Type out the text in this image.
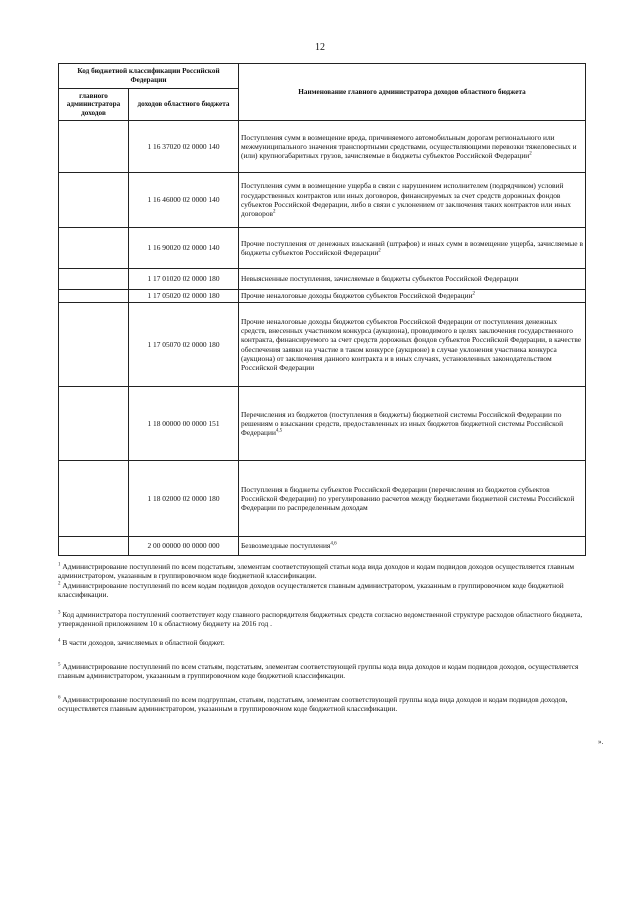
12
Код бюджетной классификации Российской Федерации		Наименование главного администратора доходов областного бюджета
главного администратора доходов	доходов областного бюджета	
	1 16 37020 02 0000 140	Поступления сумм в возмещение вреда, причиняемого автомобильным дорогам регионального или межмуниципального значения транспортными средствами, осуществляющими перевозки тяжеловесных и (или) крупногабаритных грузов, зачисляемые в бюджеты субъектов Российской Федерации$^2$
	1 16 46000 02 0000 140	Поступления сумм в возмещение ущерба в связи с нарушением исполнителем (подрядчиком) условий государственных контрактов или иных договоров, финансируемых за счет средств дорожных фондов субъектов Российской Федерации, либо в связи с уклонением от заключения таких контрактов или иных договоров$^2$
	1 16 90020 02 0000 140	Прочие поступления от денежных взысканий (штрафов) и иных сумм в возмещение ущерба, зачисляемые в бюджеты субъектов Российской Федерации$^2$
	1 17 01020 02 0000 180	Невыясненные поступления, зачисляемые в бюджеты субъектов Российской Федерации
	1 17 05020 02 0000 180	Прочие неналоговые доходы бюджетов субъектов Российской Федерации$^2$
	1 17 05070 02 0000 180	Прочие неналоговые доходы бюджетов субъектов Российской Федерации от поступления денежных средств, внесенных участником конкурса (аукциона), проводимого в целях заключения государственного контракта, финансируемого за счет средств дорожных фондов субъектов Российской Федерации, в качестве обеспечения заявки на участие в таком конкурсе (аукционе) в случае уклонения участника конкурса (аукциона) от заключения данного контракта и в иных случаях, установленных законодательством Российской Федерации
	1 18 00000 00 0000 151	Перечисления из бюджетов (поступления в бюджеты) бюджетной системы Российской Федерации по решениям о взыскании средств, предоставленных из иных бюджетов бюджетной системы Российской Федерации$^{4,5}$
	1 18 02000 02 0000 180	Поступления в бюджеты субъектов Российской Федерации (перечисления из бюджетов субъектов Российской Федерации) по урегулированию расчетов между бюджетами бюджетной системы Российской Федерации по распределенным доходам
	2 00 00000 00 0000 000	Безвозмездные поступления$^{4,6}$

$^1$ Администрирование поступлений по всем подстатьям, элементам соответствующей статьи кода вида доходов и кодам подвидов доходов осуществляется главным администратором, указанным в группировочном коде бюджетной классификации.

$^2$ Администрирование поступлений по всем кодам подвидов доходов осуществляется главным администратором, указанным в группировочном коде бюджетной классификации.

$^3$ Код администратора поступлений соответствует коду главного распорядителя бюджетных средств согласно ведомственной структуре расходов областного бюджета, утвержденной приложением 10 к областному бюджету на 2016 год .

$^4$ В части доходов, зачисляемых в областной бюджет.

$^5$ Администрирование поступлений по всем статьям, подстатьям, элементам соответствующей группы кода вида доходов и кодам подвидов доходов, осуществляется главным администратором, указанным в группировочном коде бюджетной классификации.

$^6$ Администрирование поступлений по всем подгруппам, статьям, подстатьям, элементам соответствующей группы кода вида доходов и кодам подвидов доходов, осуществляется главным администратором, указанным в группировочном коде бюджетной классификации.

».
